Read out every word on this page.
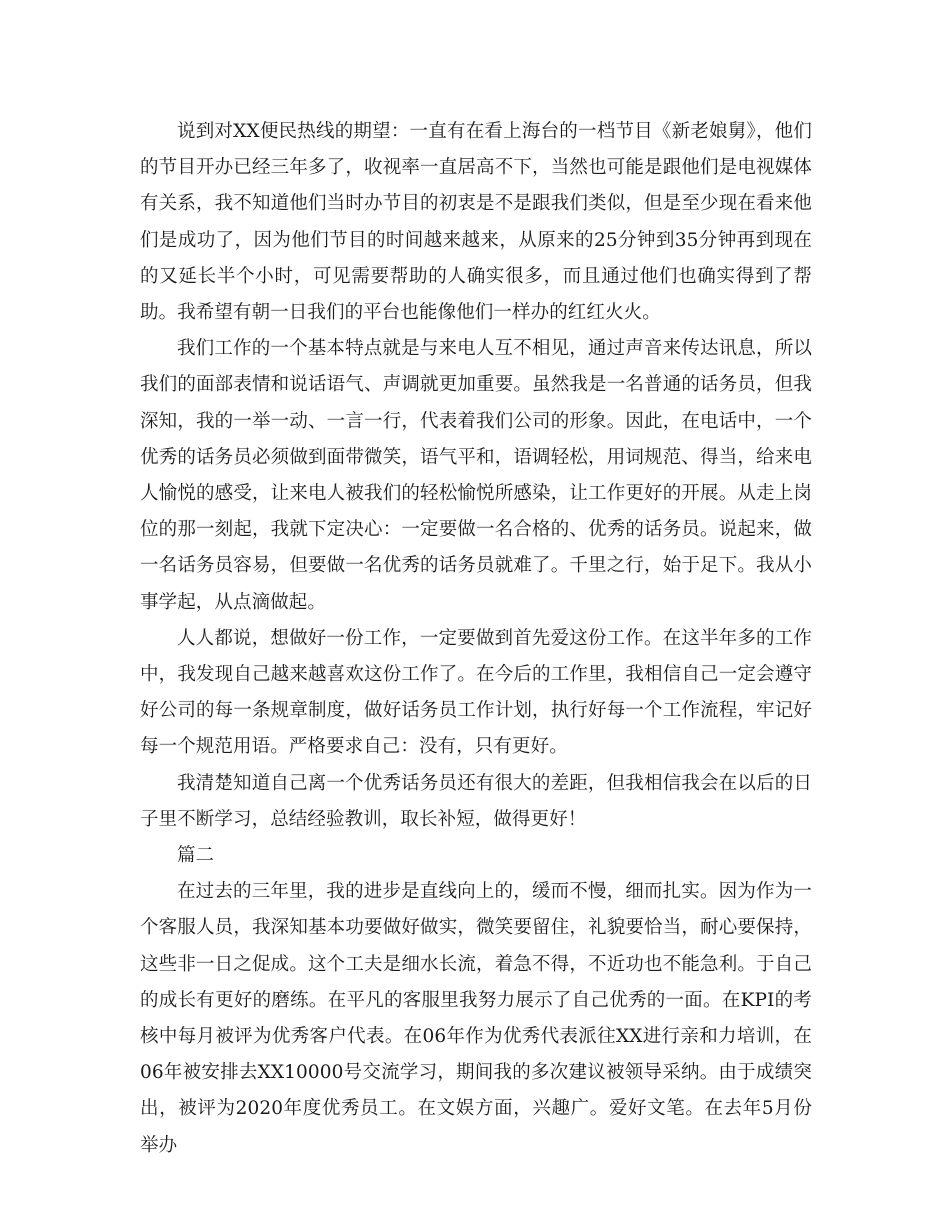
说到对XX便民热线的期望：一直有在看上海台的一档节目《新老娘舅》，他们的节目开办已经三年多了，收视率一直居高不下，当然也可能是跟他们是电视媒体有关系，我不知道他们当时办节目的初衷是不是跟我们类似，但是至少现在看来他们是成功了，因为他们节目的时间越来越来，从原来的25分钟到35分钟再到现在的又延长半个小时，可见需要帮助的人确实很多，而且通过他们也确实得到了帮助。我希望有朝一日我们的平台也能像他们一样办的红红火火。

我们工作的一个基本特点就是与来电人互不相见，通过声音来传达讯息，所以我们的面部表情和说话语气、声调就更加重要。虽然我是一名普通的话务员，但我深知，我的一举一动、一言一行，代表着我们公司的形象。因此，在电话中，一个优秀的话务员必须做到面带微笑，语气平和，语调轻松，用词规范、得当，给来电人愉悦的感受，让来电人被我们的轻松愉悦所感染，让工作更好的开展。从走上岗位的那一刻起，我就下定决心：一定要做一名合格的、优秀的话务员。说起来，做一名话务员容易，但要做一名优秀的话务员就难了。千里之行，始于足下。我从小事学起，从点滴做起。

人人都说，想做好一份工作，一定要做到首先爱这份工作。在这半年多的工作中，我发现自己越来越喜欢这份工作了。在今后的工作里，我相信自己一定会遵守好公司的每一条规章制度，做好话务员工作计划，执行好每一个工作流程，牢记好每一个规范用语。严格要求自己：没有，只有更好。

我清楚知道自己离一个优秀话务员还有很大的差距，但我相信我会在以后的日子里不断学习，总结经验教训，取长补短，做得更好！

篇二

在过去的三年里，我的进步是直线向上的，缓而不慢，细而扎实。因为作为一个客服人员，我深知基本功要做好做实，微笑要留住，礼貌要恰当，耐心要保持，这些非一日之促成。这个工夫是细水长流，着急不得，不近功也不能急利。于自己的成长有更好的磨练。在平凡的客服里我努力展示了自己优秀的一面。在KPI的考核中每月被评为优秀客户代表。在06年作为优秀代表派往XX进行亲和力培训，在06年被安排去XX10000号交流学习，期间我的多次建议被领导采纳。由于成绩突出，被评为2020年度优秀员工。在文娱方面，兴趣广。爱好文笔。在去年5月份举办
